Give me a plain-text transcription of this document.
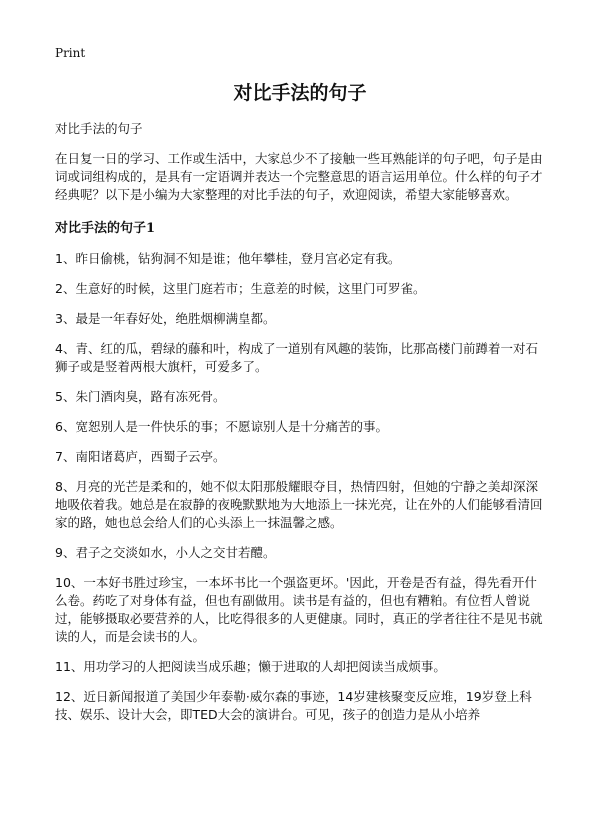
Print
对比手法的句子

对比手法的句子

在日复一日的学习、工作或生活中，大家总少不了接触一些耳熟能详的句子吧，句子是由词或词组构成的，是具有一定语调并表达一个完整意思的语言运用单位。什么样的句子才经典呢？以下是小编为大家整理的对比手法的句子，欢迎阅读，希望大家能够喜欢。

对比手法的句子1

1、昨日偷桃，钻狗洞不知是谁；他年攀桂，登月宫必定有我。
2、生意好的时候，这里门庭若市；生意差的时候，这里门可罗雀。
3、最是一年春好处，绝胜烟柳满皇都。
4、青、红的瓜，碧绿的藤和叶，构成了一道别有风趣的装饰，比那高楼门前蹲着一对石狮子或是竖着两根大旗杆，可爱多了。
5、朱门酒肉臭，路有冻死骨。
6、宽恕别人是一件快乐的事；不愿谅别人是十分痛苦的事。
7、南阳诸葛庐，西蜀子云亭。
8、月亮的光芒是柔和的，她不似太阳那般耀眼夺目，热情四射，但她的宁静之美却深深地吸依着我。她总是在寂静的夜晚默默地为大地添上一抹光亮，让在外的人们能够看清回家的路，她也总会给人们的心头添上一抹温馨之感。
9、君子之交淡如水，小人之交甘若醴。
10、一本好书胜过珍宝，一本坏书比一个强盗更坏。'因此，开卷是否有益，得先看开什么卷。药吃了对身体有益，但也有副做用。读书是有益的，但也有糟粕。有位哲人曾说过，能够摄取必要营养的人，比吃得很多的人更健康。同时，真正的学者往往不是见书就读的人，而是会读书的人。
11、用功学习的人把阅读当成乐趣；懒于进取的人却把阅读当成烦事。
12、近日新闻报道了美国少年泰勒·威尔森的事迹，14岁建核聚变反应堆，19岁登上科技、娱乐、设计大会，即TED大会的演讲台。可见，孩子的创造力是从小培养
